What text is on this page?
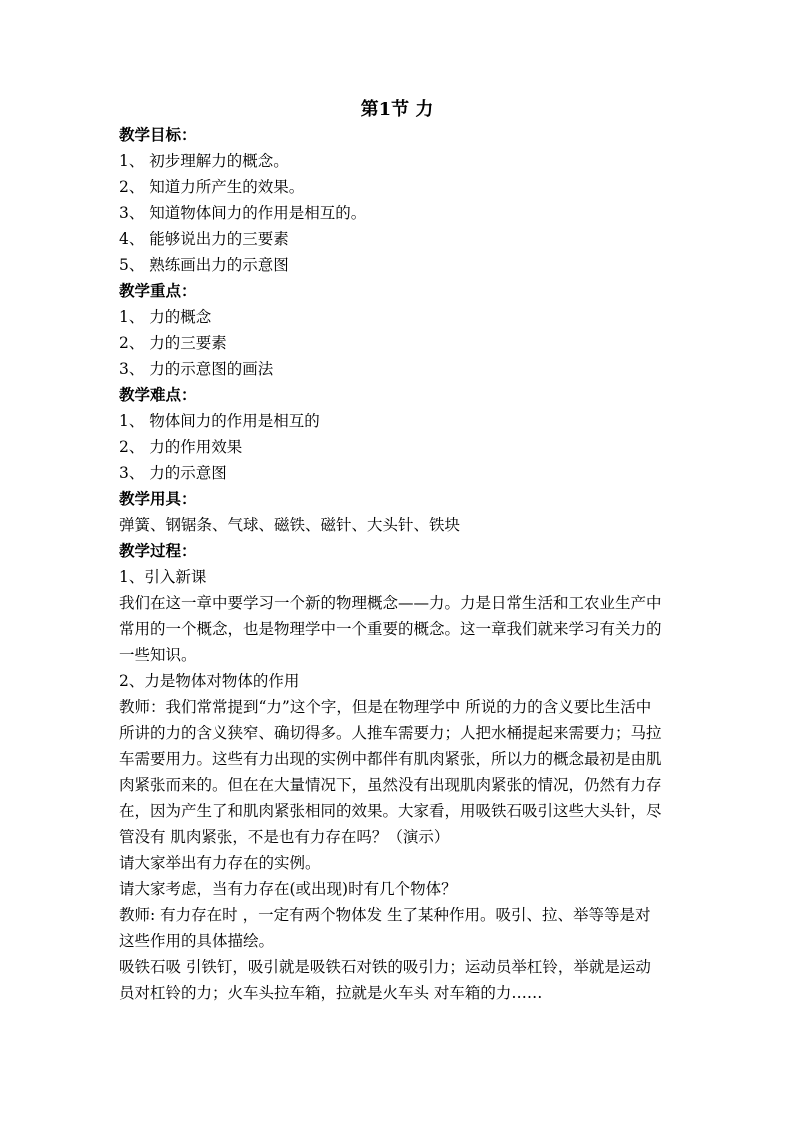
第1节 力
教学目标：
1、 初步理解力的概念。
2、 知道力所产生的效果。
3、 知道物体间力的作用是相互的。
4、 能够说出力的三要素
5、 熟练画出力的示意图
教学重点：
1、 力的概念
2、 力的三要素
3、 力的示意图的画法
教学难点：
1、 物体间力的作用是相互的
2、 力的作用效果
3、 力的示意图
教学用具：
弹簧、钢锯条、气球、磁铁、磁针、大头针、铁块
教学过程：
1、引入新课
我们在这一章中要学习一个新的物理概念——力。力是日常生活和工农业生产中
常用的一个概念，也是物理学中一个重要的概念。这一章我们就来学习有关力的
一些知识。
2、力是物体对物体的作用
教师：我们常常提到“力”这个字，但是在物理学中 所说的力的含义要比生活中
所讲的力的含义狭窄、确切得多。人推车需要力；人把水桶提起来需要力；马拉
车需要用力。这些有力出现的实例中都伴有肌肉紧张，所以力的概念最初是由肌
肉紧张而来的。但在在大量情况下，虽然没有出现肌肉紧张的情况，仍然有力存
在，因为产生了和肌肉紧张相同的效果。大家看，用吸铁石吸引这些大头针，尽
管没有 肌肉紧张，不是也有力存在吗？（演示）
请大家举出有力存在的实例。
请大家考虑，当有力存在(或出现)时有几个物体？
教师: 有力存在时 ，一定有两个物体发 生了某种作用。吸引、拉、举等等是对
这些作用的具体描绘。
吸铁石吸 引铁钉，吸引就是吸铁石对铁的吸引力；运动员举杠铃，举就是运动
员对杠铃的力；火车头拉车箱，拉就是火车头 对车箱的力……
